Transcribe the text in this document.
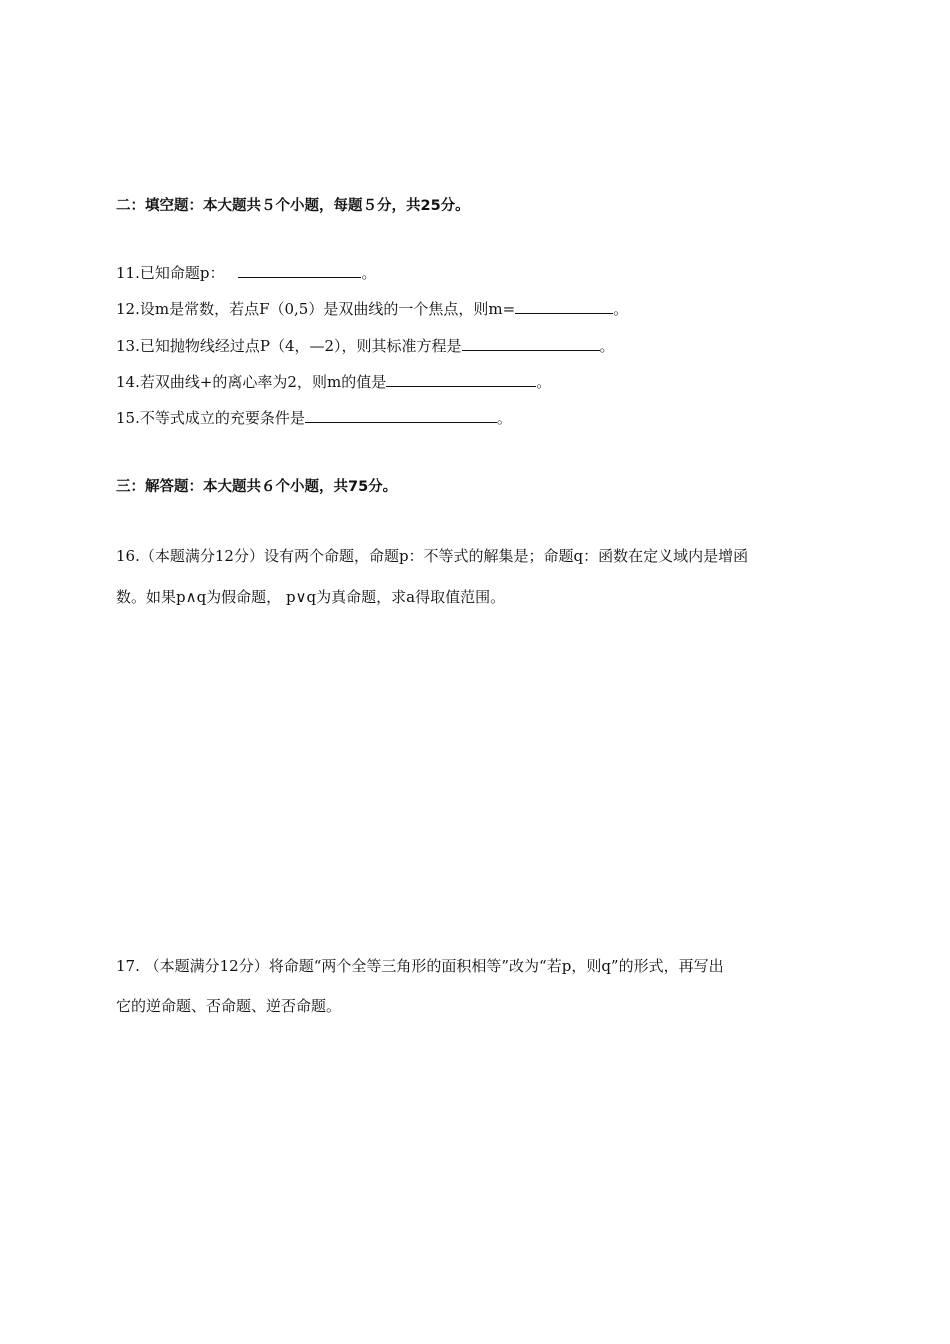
二：填空题：本大题共５个小题，每题５分，共25分。
11.已知命题p：	。
12.设m是常数，若点F（0,5）是双曲线的一个焦点，则m=	。
13.已知抛物线经过点P（4，—2），则其标准方程是	。
14.若双曲线+的离心率为2，则m的值是	。
15.不等式成立的充要条件是	。
三：解答题：本大题共６个小题，共75分。
16.（本题满分12分）设有两个命题，命题p：不等式的解集是；命题q：函数在定义域内是增函
数。如果p∧q为假命题， p∨q为真命题，求a得取值范围。
17. （本题满分12分）将命题“两个全等三角形的面积相等”改为“若p，则q”的形式，再写出
它的逆命题、否命题、逆否命题。
